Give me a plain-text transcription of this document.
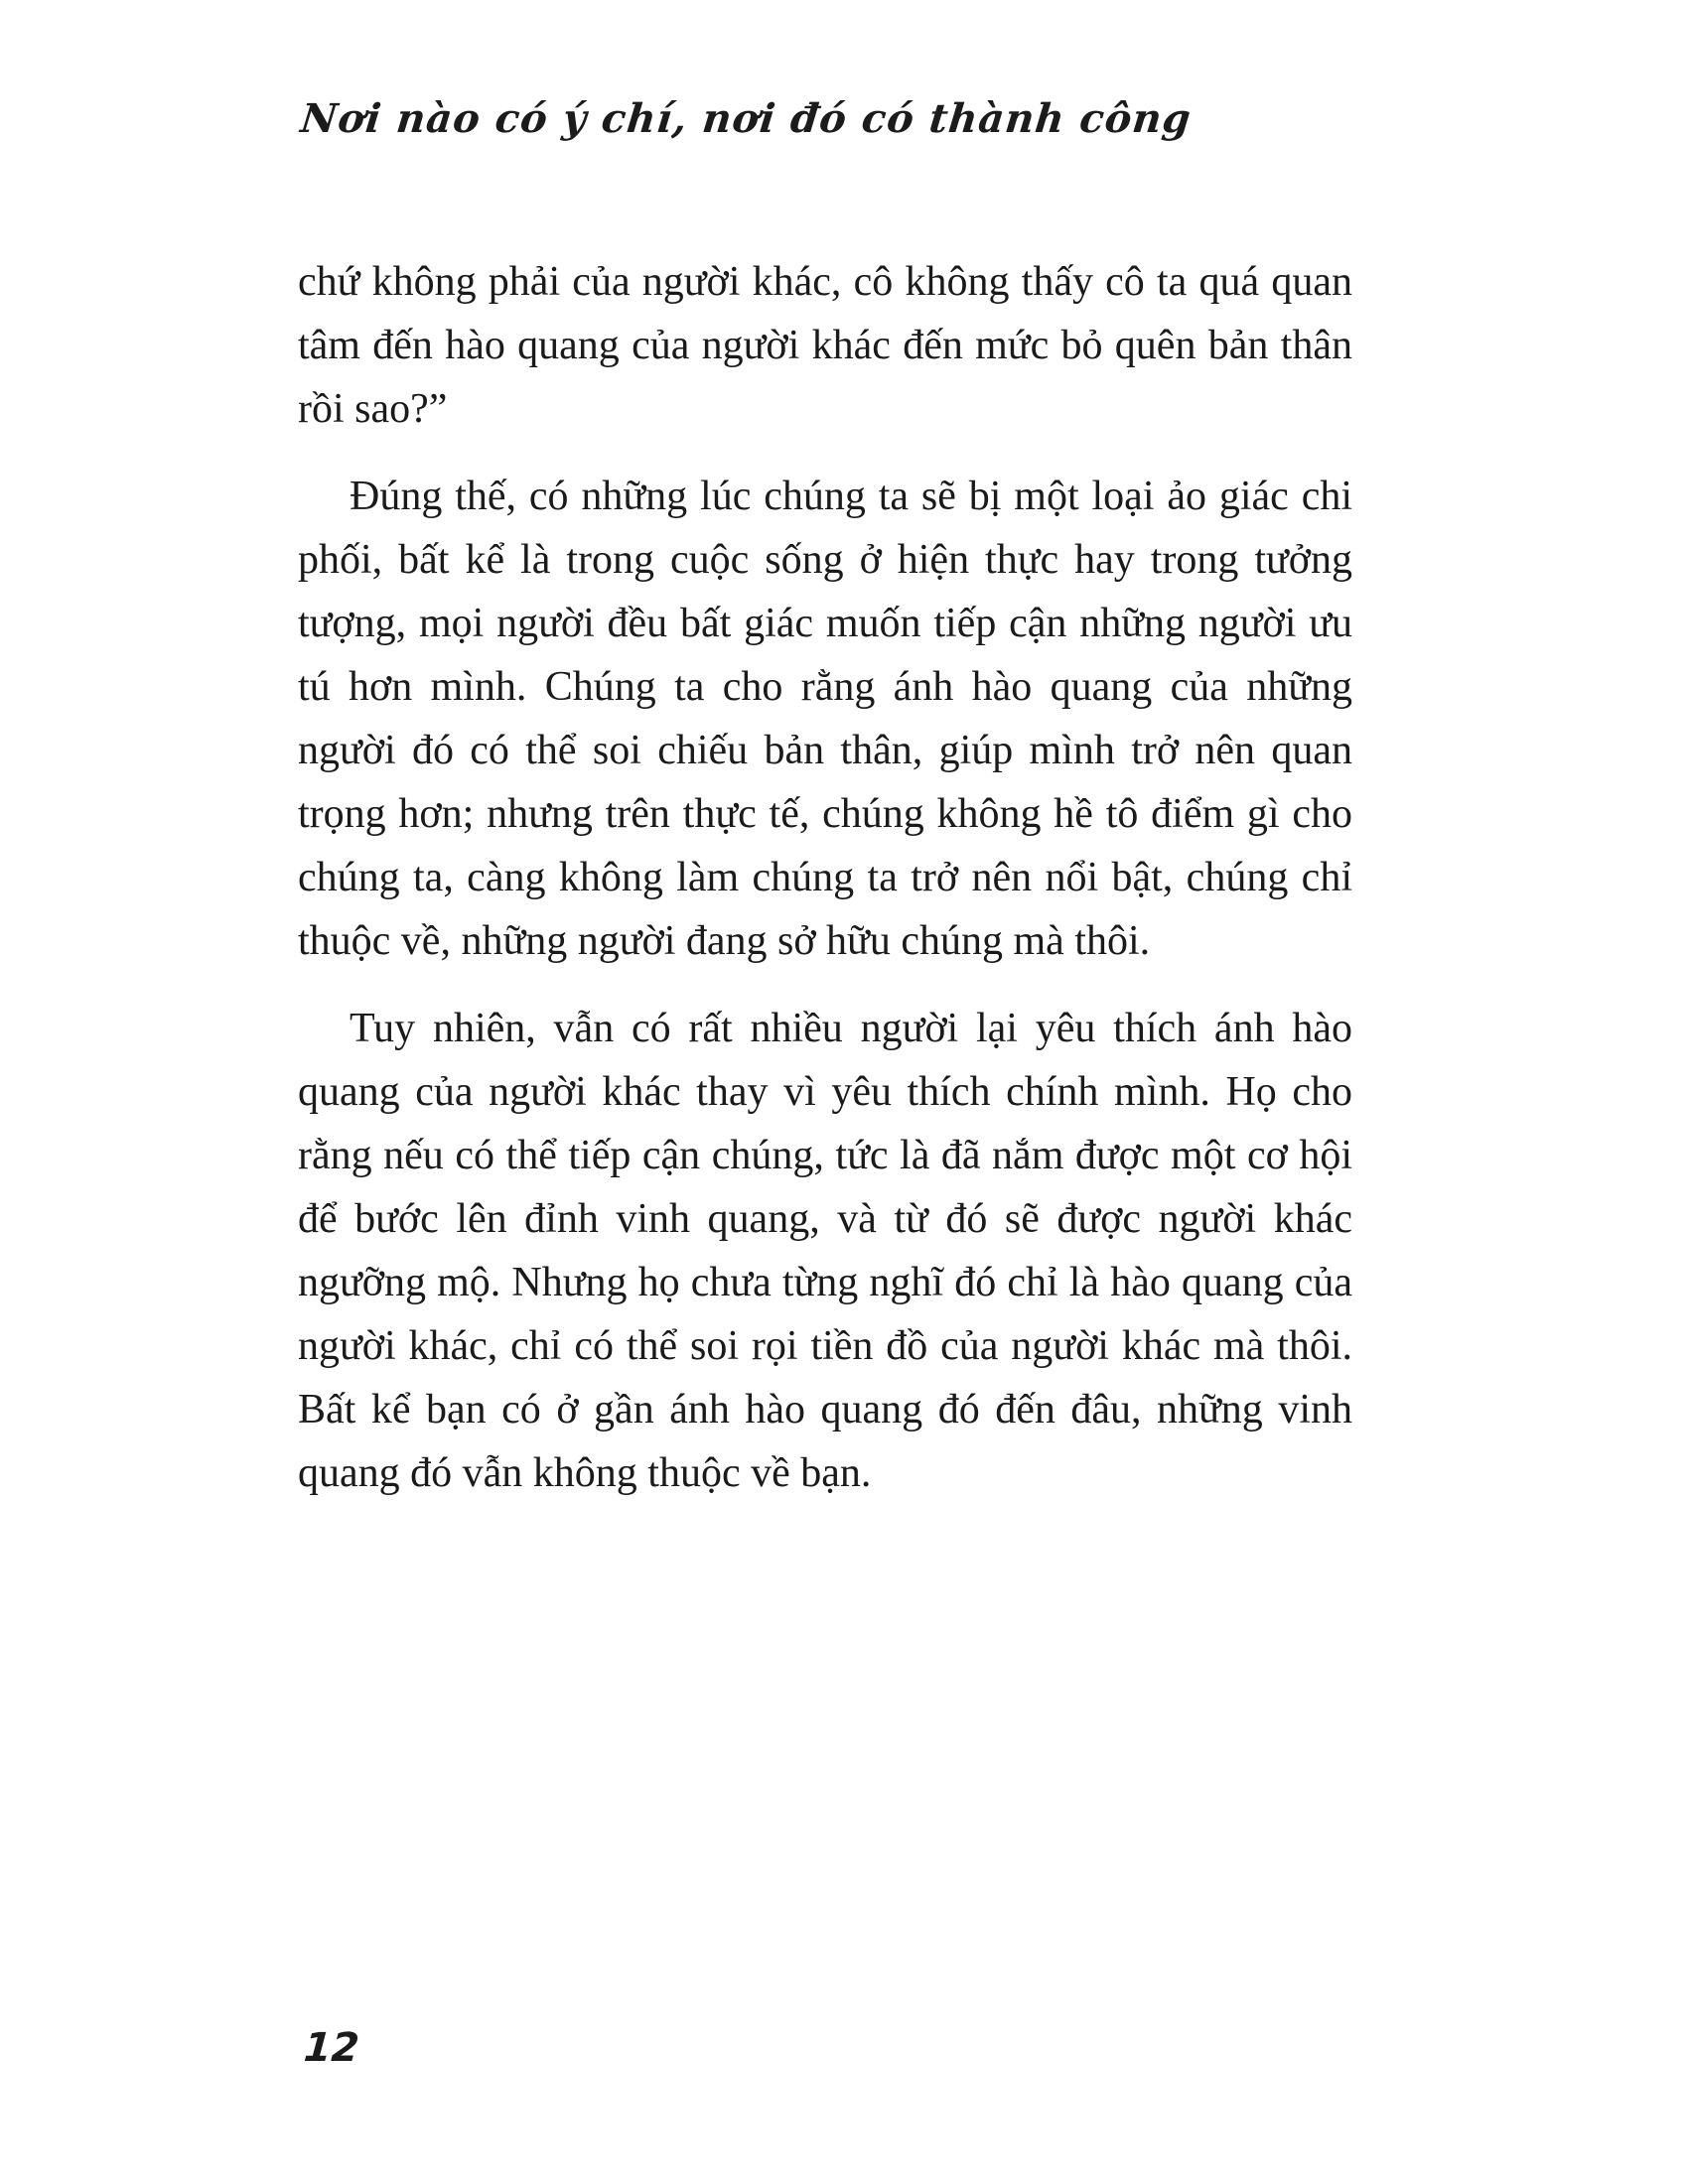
Nơi nào có ý chí, nơi đó có thành công

chứ không phải của người khác, cô không thấy cô ta quá quan tâm đến hào quang của người khác đến mức bỏ quên bản thân rồi sao?”

Đúng thế, có những lúc chúng ta sẽ bị một loại ảo giác chi phối, bất kể là trong cuộc sống ở hiện thực hay trong tưởng tượng, mọi người đều bất giác muốn tiếp cận những người ưu tú hơn mình. Chúng ta cho rằng ánh hào quang của những người đó có thể soi chiếu bản thân, giúp mình trở nên quan trọng hơn; nhưng trên thực tế, chúng không hề tô điểm gì cho chúng ta, càng không làm chúng ta trở nên nổi bật, chúng chỉ thuộc về, những người đang sở hữu chúng mà thôi.

Tuy nhiên, vẫn có rất nhiều người lại yêu thích ánh hào quang của người khác thay vì yêu thích chính mình. Họ cho rằng nếu có thể tiếp cận chúng, tức là đã nắm được một cơ hội để bước lên đỉnh vinh quang, và từ đó sẽ được người khác ngưỡng mộ. Nhưng họ chưa từng nghĩ đó chỉ là hào quang của người khác, chỉ có thể soi rọi tiền đồ của người khác mà thôi. Bất kể bạn có ở gần ánh hào quang đó đến đâu, những vinh quang đó vẫn không thuộc về bạn.

12
